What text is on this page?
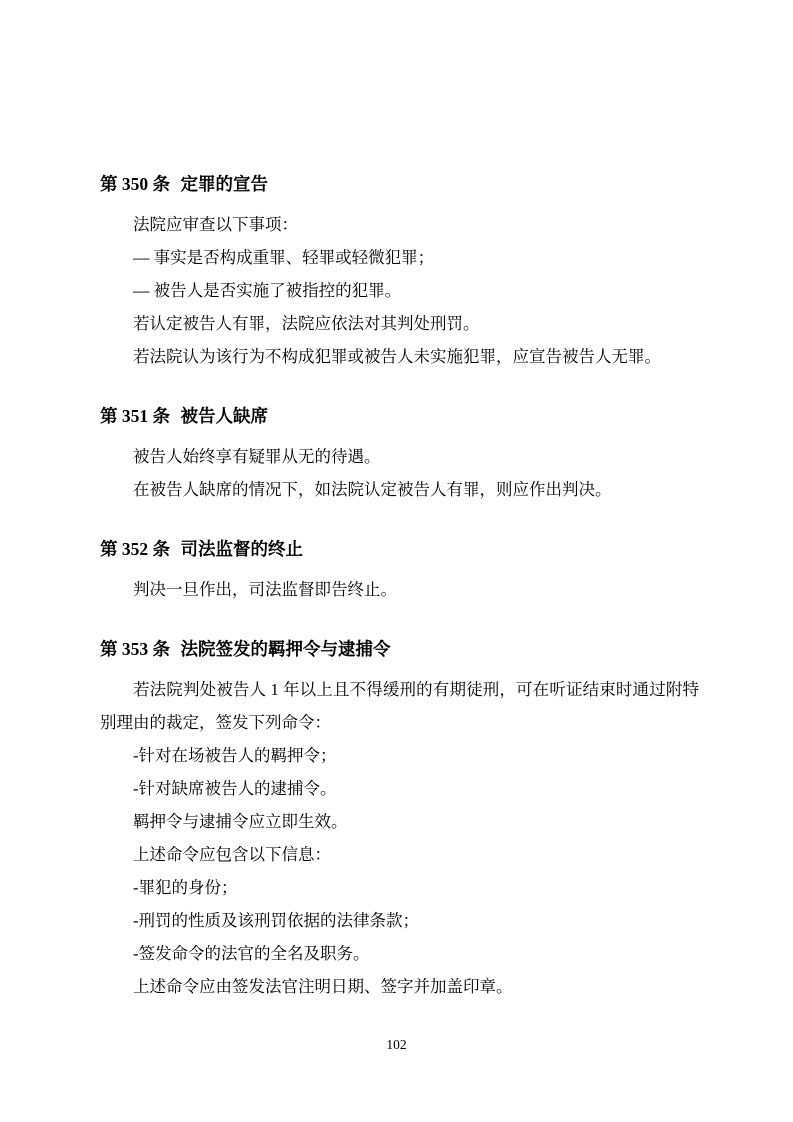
第 350 条 定罪的宣告

法院应审查以下事项：

— 事实是否构成重罪、轻罪或轻微犯罪；

— 被告人是否实施了被指控的犯罪。

若认定被告人有罪，法院应依法对其判处刑罚。

若法院认为该行为不构成犯罪或被告人未实施犯罪，应宣告被告人无罪。

第 351 条 被告人缺席

被告人始终享有疑罪从无的待遇。

在被告人缺席的情况下，如法院认定被告人有罪，则应作出判决。

第 352 条 司法监督的终止

判决一旦作出，司法监督即告终止。

第 353 条 法院签发的羁押令与逮捕令

若法院判处被告人 1 年以上且不得缓刑的有期徒刑，可在听证结束时通过附特别理由的裁定，签发下列命令：

-针对在场被告人的羁押令；

-针对缺席被告人的逮捕令。

羁押令与逮捕令应立即生效。

上述命令应包含以下信息：

-罪犯的身份；

-刑罚的性质及该刑罚依据的法律条款；

-签发命令的法官的全名及职务。

上述命令应由签发法官注明日期、签字并加盖印章。

102
